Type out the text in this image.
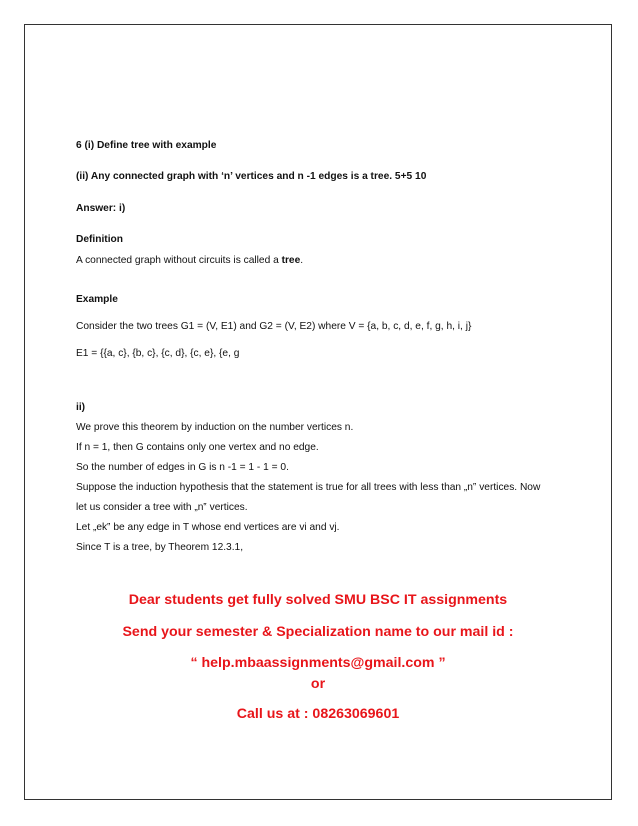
6 (i) Define tree with example
(ii) Any connected graph with ‘n’ vertices and n -1 edges is a tree. 5+5 10
Answer: i)
Definition
A connected graph without circuits is called a tree.
Example
Consider the two trees G1 = (V, E1) and G2 = (V, E2) where V = {a, b, c, d, e, f, g, h, i, j}
E1 = {{a, c}, {b, c}, {c, d}, {c, e}, {e, g
ii)
We prove this theorem by induction on the number vertices n.
If n = 1, then G contains only one vertex and no edge.
So the number of edges in G is n -1 = 1 - 1 = 0.
Suppose the induction hypothesis that the statement is true for all trees with less than „n‟ vertices. Now
let us consider a tree with „n‟ vertices.
Let „ek‟ be any edge in T whose end vertices are vi and vj.
Since T is a tree, by Theorem 12.3.1,
Dear students get fully solved SMU BSC IT assignments
Send your semester & Specialization name to our mail id :
“ help.mbaassignments@gmail.com ”
or
Call us at : 08263069601
